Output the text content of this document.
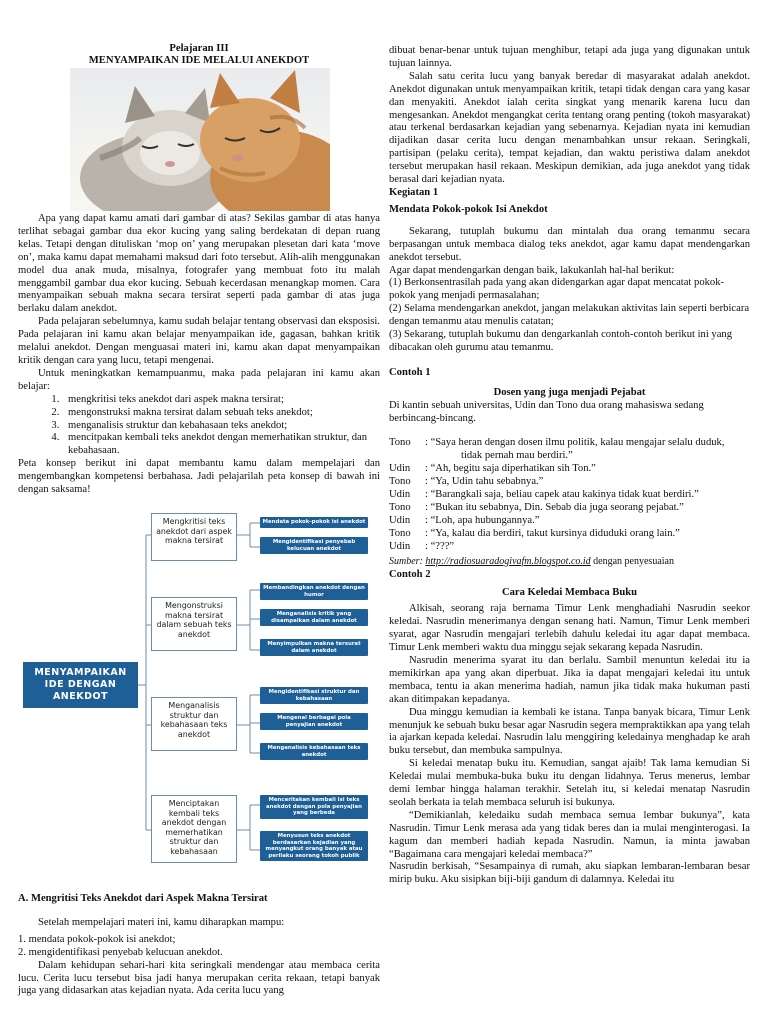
Pelajaran III
MENYAMPAIKAN IDE MELALUI ANEKDOT

Apa yang dapat kamu amati dari gambar di atas? Sekilas gambar di atas hanya terlihat sebagai gambar dua ekor kucing yang saling berdekatan di depan ruang kelas. Tetapi dengan dituliskan ‘mop on’ yang merupakan plesetan dari kata ‘move on’, maka kamu dapat memahami maksud dari foto tersebut. Alih-alih menggunakan model dua anak muda, misalnya, fotografer yang membuat foto itu malah menggambil gambar dua ekor kucing. Sebuah kecerdasan menangkap momen. Cara menyampaikan sebuah makna secara tersirat seperti pada gambar di atas juga berlaku dalam anekdot.

Pada pelajaran sebelumnya, kamu sudah belajar tentang observasi dan eksposisi. Pada pelajaran ini kamu akan belajar menyampaikan ide, gagasan, bahkan kritik melalui anekdot. Dengan menguasai materi ini, kamu akan dapat menyampaikan kritik dengan cara yang lucu, tetapi mengenai.

Untuk meningkatkan kemampuanmu, maka pada pelajaran ini kamu akan belajar:

1. mengkritisi teks anekdot dari aspek makna tersirat;
2. mengonstruksi makna tersirat dalam sebuah teks anekdot;
3. menganalisis struktur dan kebahasaan teks anekdot;
4. mencitpakan kembali teks anekdot dengan memerhatikan struktur, dan kebahasaan.

Peta konsep berikut ini dapat membantu kamu dalam mempelajari dan mengembangkan kompetensi berbahasa. Jadi pelajarilah peta konsep di bawah ini dengan saksama!

MENYAMPAIKAN IDE DENGAN ANEKDOT
Mengkritisi teks anekdot dari aspek makna tersirat
Mendata pokok-pokok isi anekdot
Mengidentifikasi penyebab kelucuan anekdot
Mengonstruksi makna tersirat dalam sebuah teks anekdot
Membandingkan anekdot dengan humor
Menganalisis kritik yang disampaikan dalam anekdot
Menyimpulkan makna tersurat dalam anekdot
Menganalisis struktur dan kebahasaan teks anekdot
Mengidentifikasi struktur dan kebahasaan
Mengenal berbagai pola penyajian anekdot
Menganalisis kebahasaan teks anekdot
Menciptakan kembali teks anekdot dengan memerhatikan struktur dan kebahasaan
Menceritakan kembali isi teks anekdot dengan pola penyajian yang berbeda
Menyusun teks anekdot berdasarkan kejadian yang menyangkut orang banyak atau perilaku seorang tokoh publik

A. Mengritisi Teks Anekdot dari Aspek Makna Tersirat

Setelah mempelajari materi ini, kamu diharapkan mampu:

1. mendata pokok-pokok isi anekdot;

2. mengidentifikasi penyebab kelucuan anekdot.

Dalam kehidupan sehari-hari kita seringkali mendengar atau membaca cerita lucu. Cerita lucu tersebut bisa jadi hanya merupakan cerita rekaan, tetapi banyak juga yang didasarkan atas kejadian nyata. Ada cerita lucu yang

dibuat benar-benar untuk tujuan menghibur, tetapi ada juga yang digunakan untuk tujuan lainnya.

Salah satu cerita lucu yang banyak beredar di masyarakat adalah anekdot. Anekdot digunakan untuk menyampaikan kritik, tetapi tidak dengan cara yang kasar dan menyakiti. Anekdot ialah cerita singkat yang menarik karena lucu dan mengesankan. Anekdot mengangkat cerita tentang orang penting (tokoh masyarakat) atau terkenal berdasarkan kejadian yang sebenarnya. Kejadian nyata ini kemudian dijadikan dasar cerita lucu dengan menambahkan unsur rekaan. Seringkali, partisipan (pelaku cerita), tempat kejadian, dan waktu peristiwa dalam anekdot tersebut merupakan hasil rekaan. Meskipun demikian, ada juga anekdot yang tidak berasal dari kejadian nyata.

Kegiatan 1

Mendata Pokok-pokok Isi Anekdot

Sekarang, tutuplah bukumu dan mintalah dua orang temanmu secara berpasangan untuk membaca dialog teks anekdot, agar kamu dapat mendengarkan anekdot tersebut.

Agar dapat mendengarkan dengan baik, lakukanlah hal-hal berikut:

(1) Berkonsentrasilah pada yang akan didengarkan agar dapat mencatat pokok-pokok yang menjadi permasalahan;

(2) Selama mendengarkan anekdot, jangan melakukan aktivitas lain seperti berbicara dengan temanmu atau menulis catatan;

(3) Sekarang, tutuplah bukumu dan dengarkanlah contoh-contoh berikut ini yang dibacakan oleh gurumu atau temanmu.

Contoh 1

Dosen yang juga menjadi Pejabat

Di kantin sebuah universitas, Udin dan Tono dua orang mahasiswa sedang berbincang-bincang.

Tono : “Saya heran dengan dosen ilmu politik, kalau mengajar selalu duduk,

tidak pernah mau berdiri.”

Udin : “Ah, begitu saja diperhatikan sih Ton.”

Tono : “Ya, Udin tahu sebabnya.”

Udin : “Barangkali saja, beliau capek atau kakinya tidak kuat berdiri.”

Tono : “Bukan itu sebabnya, Din. Sebab dia juga seorang pejabat.”

Udin : “Loh, apa hubungannya.”

Tono : “Ya, kalau dia berdiri, takut kursinya diduduki orang lain.”

Udin : “???”

Sumber: http://radiosuaradogivafm.blogspot.co.id dengan penyesuaian

Contoh 2

Cara Keledai Membaca Buku

Alkisah, seorang raja bernama Timur Lenk menghadiahi Nasrudin seekor keledai. Nasrudin menerimanya dengan senang hati. Namun, Timur Lenk memberi syarat, agar Nasrudin mengajari terlebih dahulu keledai itu agar dapat membaca. Timur Lenk memberi waktu dua minggu sejak sekarang kepada Nasrudin.

Nasrudin menerima syarat itu dan berlalu. Sambil menuntun keledai itu ia memikirkan apa yang akan diperbuat. Jika ia dapat mengajari keledai itu untuk membaca, tentu ia akan menerima hadiah, namun jika tidak maka hukuman pasti akan ditimpakan kepadanya.

Dua minggu kemudian ia kembali ke istana. Tanpa banyak bicara, Timur Lenk menunjuk ke sebuah buku besar agar Nasrudin segera mempraktikkan apa yang telah ia ajarkan kepada keledai. Nasrudin lalu menggiring keledainya menghadap ke arah buku tersebut, dan membuka sampulnya.

Si keledai menatap buku itu. Kemudian, sangat ajaib! Tak lama kemudian Si Keledai mulai membuka-buka buku itu dengan lidahnya. Terus menerus, lembar demi lembar hingga halaman terakhir. Setelah itu, si keledai menatap Nasrudin seolah berkata ia telah membaca seluruh isi bukunya.

“Demikianlah, keledaiku sudah membaca semua lembar bukunya”, kata Nasrudin. Timur Lenk merasa ada yang tidak beres dan ia mulai menginterogasi. Ia kagum dan memberi hadiah kepada Nasrudin. Namun, ia minta jawaban “Bagaimana cara mengajari keledai membaca?”

Nasrudin berkisah, “Sesampainya di rumah, aku siapkan lembaran-lembaran besar mirip buku. Aku sisipkan biji-biji gandum di dalamnya. Keledai itu
